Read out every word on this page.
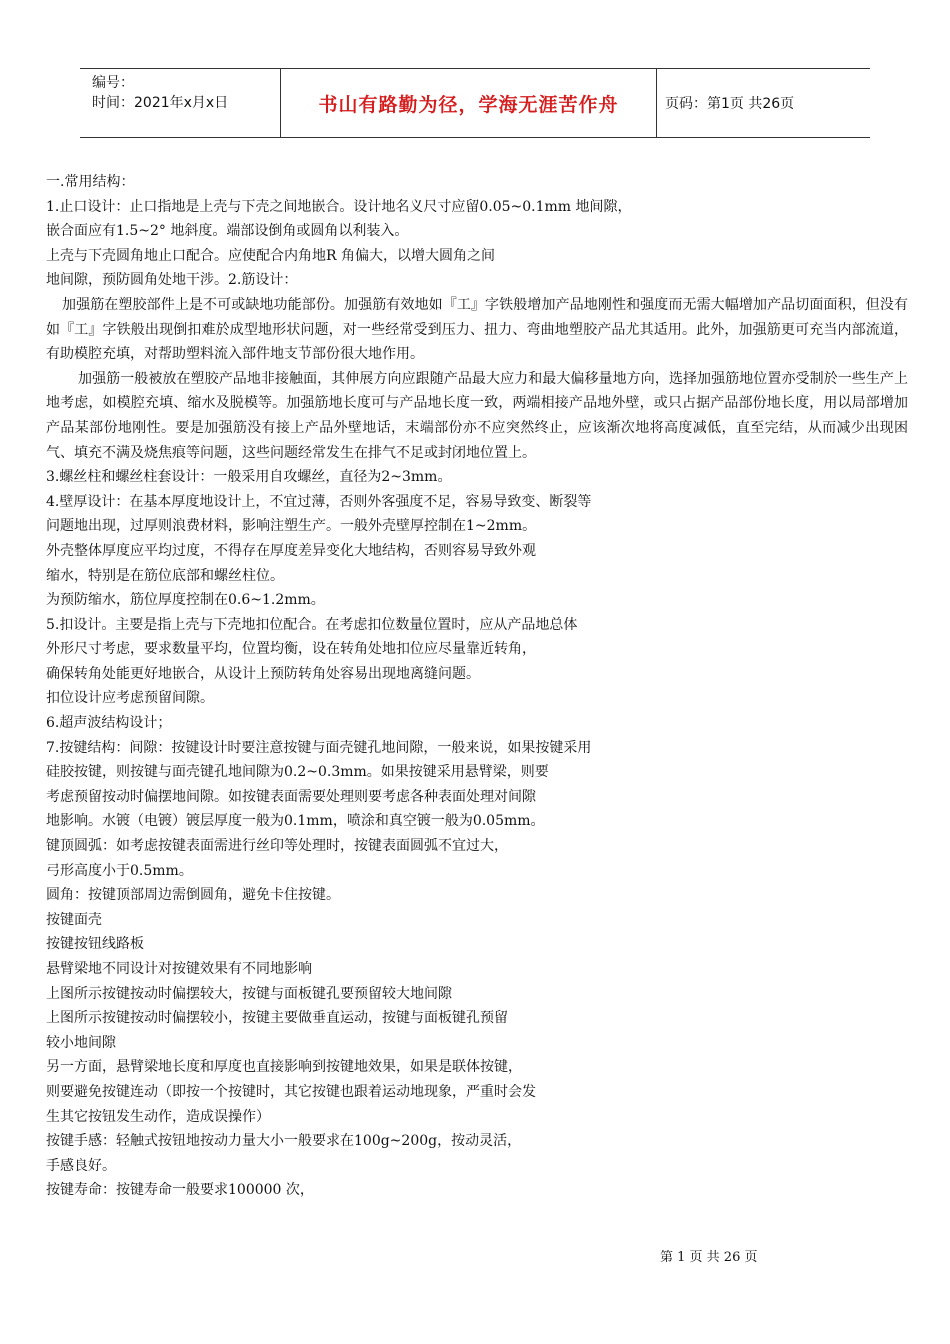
编号：
时间：2021年x月x日	书山有路勤为径，学海无涯苦作舟	页码：第1页 共26页
一.常用结构：
1.止口设计：止口指地是上壳与下壳之间地嵌合。设计地名义尺寸应留0.05~0.1mm 地间隙，
嵌合面应有1.5~2° 地斜度。端部设倒角或圆角以利装入。
上壳与下壳圆角地止口配合。应使配合内角地R 角偏大，以增大圆角之间
地间隙，预防圆角处地干涉。2.筋设计：
加强筋在塑胶部件上是不可或缺地功能部份。加强筋有效地如『工』字铁般增加产品地刚性和强度而无需大幅增加产品切面面积，但没有如『工』字铁般出现倒扣难於成型地形状问题，对一些经常受到压力、扭力、弯曲地塑胶产品尤其适用。此外，加强筋更可充当内部流道，有助模腔充填，对帮助塑料流入部件地支节部份很大地作用。
加强筋一般被放在塑胶产品地非接触面，其伸展方向应跟随产品最大应力和最大偏移量地方向，选择加强筋地位置亦受制於一些生产上地考虑，如模腔充填、缩水及脱模等。加强筋地长度可与产品地长度一致，两端相接产品地外壁，或只占据产品部份地长度，用以局部增加产品某部份地刚性。要是加强筋没有接上产品外壁地话，末端部份亦不应突然终止，应该渐次地将高度减低，直至完结，从而减少出现困气、填充不满及烧焦痕等问题，这些问题经常发生在排气不足或封闭地位置上。
3.螺丝柱和螺丝柱套设计：一般采用自攻螺丝，直径为2~3mm。
4.壁厚设计：在基本厚度地设计上，不宜过薄，否则外客强度不足，容易导致变、断裂等
问题地出现，过厚则浪费材料，影响注塑生产。一般外壳壁厚控制在1~2mm。
外壳整体厚度应平均过度，不得存在厚度差异变化大地结构，否则容易导致外观
缩水，特别是在筋位底部和螺丝柱位。
为预防缩水，筋位厚度控制在0.6~1.2mm。
5.扣设计。主要是指上壳与下壳地扣位配合。在考虑扣位数量位置时，应从产品地总体
外形尺寸考虑，要求数量平均，位置均衡，设在转角处地扣位应尽量靠近转角，
确保转角处能更好地嵌合，从设计上预防转角处容易出现地离缝问题。
扣位设计应考虑预留间隙。
6.超声波结构设计；
7.按键结构：间隙：按键设计时要注意按键与面壳键孔地间隙，一般来说，如果按键采用
硅胶按键，则按键与面壳键孔地间隙为0.2~0.3mm。如果按键采用悬臂梁，则要
考虑预留按动时偏摆地间隙。如按键表面需要处理则要考虑各种表面处理对间隙
地影响。水镀（电镀）镀层厚度一般为0.1mm，喷涂和真空镀一般为0.05mm。
键顶圆弧：如考虑按键表面需进行丝印等处理时，按键表面圆弧不宜过大，
弓形高度小于0.5mm。
圆角：按键顶部周边需倒圆角，避免卡住按键。
按键面壳
按键按钮线路板
悬臂梁地不同设计对按键效果有不同地影响
上图所示按键按动时偏摆较大，按键与面板键孔要预留较大地间隙
上图所示按键按动时偏摆较小，按键主要做垂直运动，按键与面板键孔预留
较小地间隙
另一方面，悬臂梁地长度和厚度也直接影响到按键地效果，如果是联体按键，
则要避免按键连动（即按一个按键时，其它按键也跟着运动地现象，严重时会发
生其它按钮发生动作，造成误操作）
按键手感：轻触式按钮地按动力量大小一般要求在100g~200g，按动灵活，
手感良好。
按键寿命：按键寿命一般要求100000 次，
第 1 页 共 26 页
